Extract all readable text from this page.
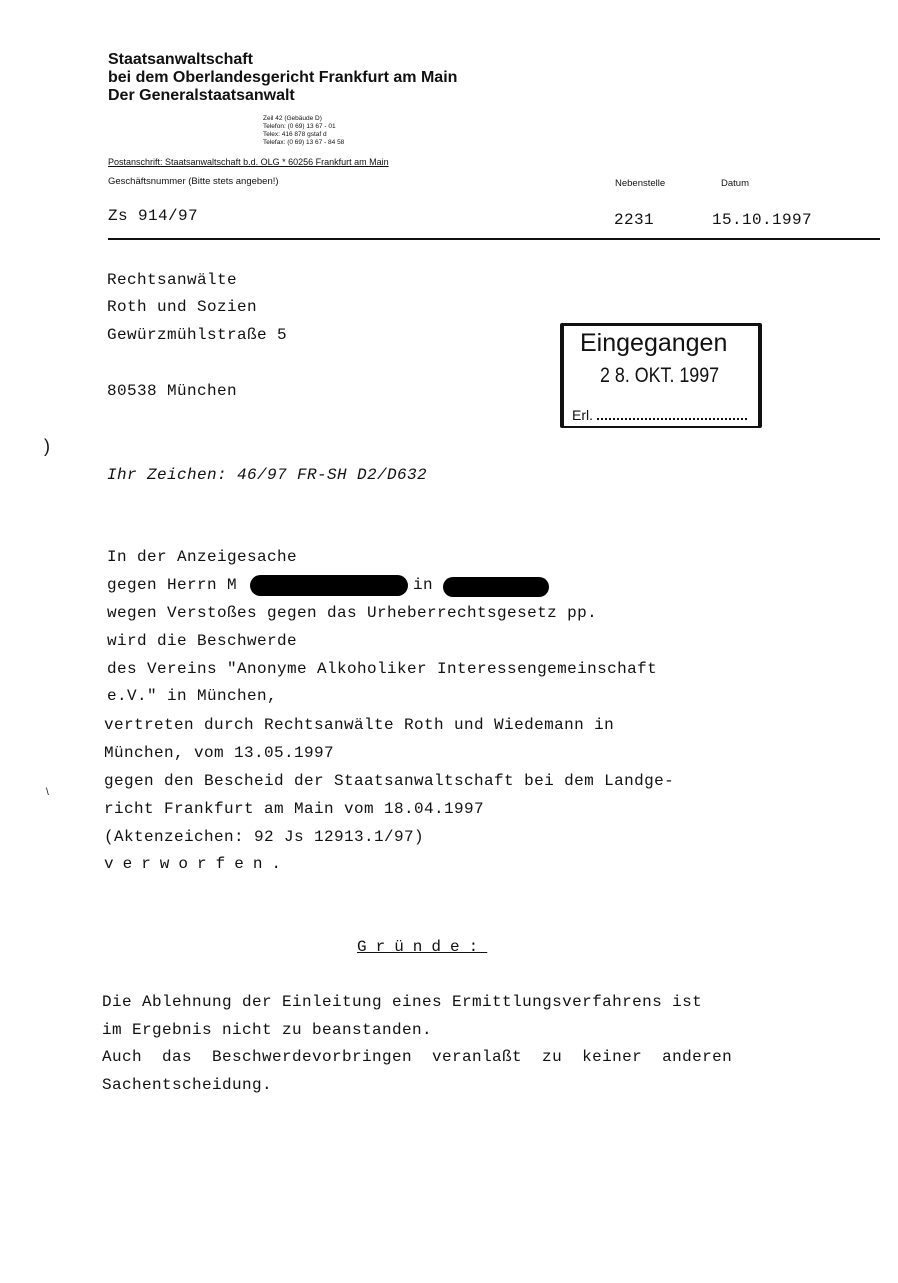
Staatsanwaltschaft
bei dem Oberlandesgericht Frankfurt am Main
Der Generalstaatsanwalt
Zeil 42 (Gebäude D)
Telefon: (0 69) 13 67 - 01
Telex: 416 878 gstaf d
Telefax: (0 69) 13 67 - 84 58
Postanschrift: Staatsanwaltschaft b.d. OLG * 60256 Frankfurt am Main
Geschäftsnummer (Bitte stets angeben!)	Nebenstelle	Datum
Zs 914/97	2231	15.10.1997
Rechtsanwälte
Roth und Sozien
Gewürzmühlstraße 5
80538 München
Eingegangen
2 8. OKT. 1997
Erl.
)
\
Ihr Zeichen: 46/97 FR-SH D2/D632
In der Anzeigesache
gegen Herrn M	in
wegen Verstoßes gegen das Urheberrechtsgesetz pp.
wird die Beschwerde
des Vereins "Anonyme Alkoholiker Interessengemeinschaft
e.V." in München,
vertreten durch Rechtsanwälte Roth und Wiedemann in
München, vom 13.05.1997
gegen den Bescheid der Staatsanwaltschaft bei dem Landge-
richt Frankfurt am Main vom 18.04.1997
(Aktenzeichen: 92 Js 12913.1/97)
verworfen.
Gründe:
Die Ablehnung der Einleitung eines Ermittlungsverfahrens ist
im Ergebnis nicht zu beanstanden.
Auch das Beschwerdevorbringen veranlaßt zu keiner anderen
Sachentscheidung.
